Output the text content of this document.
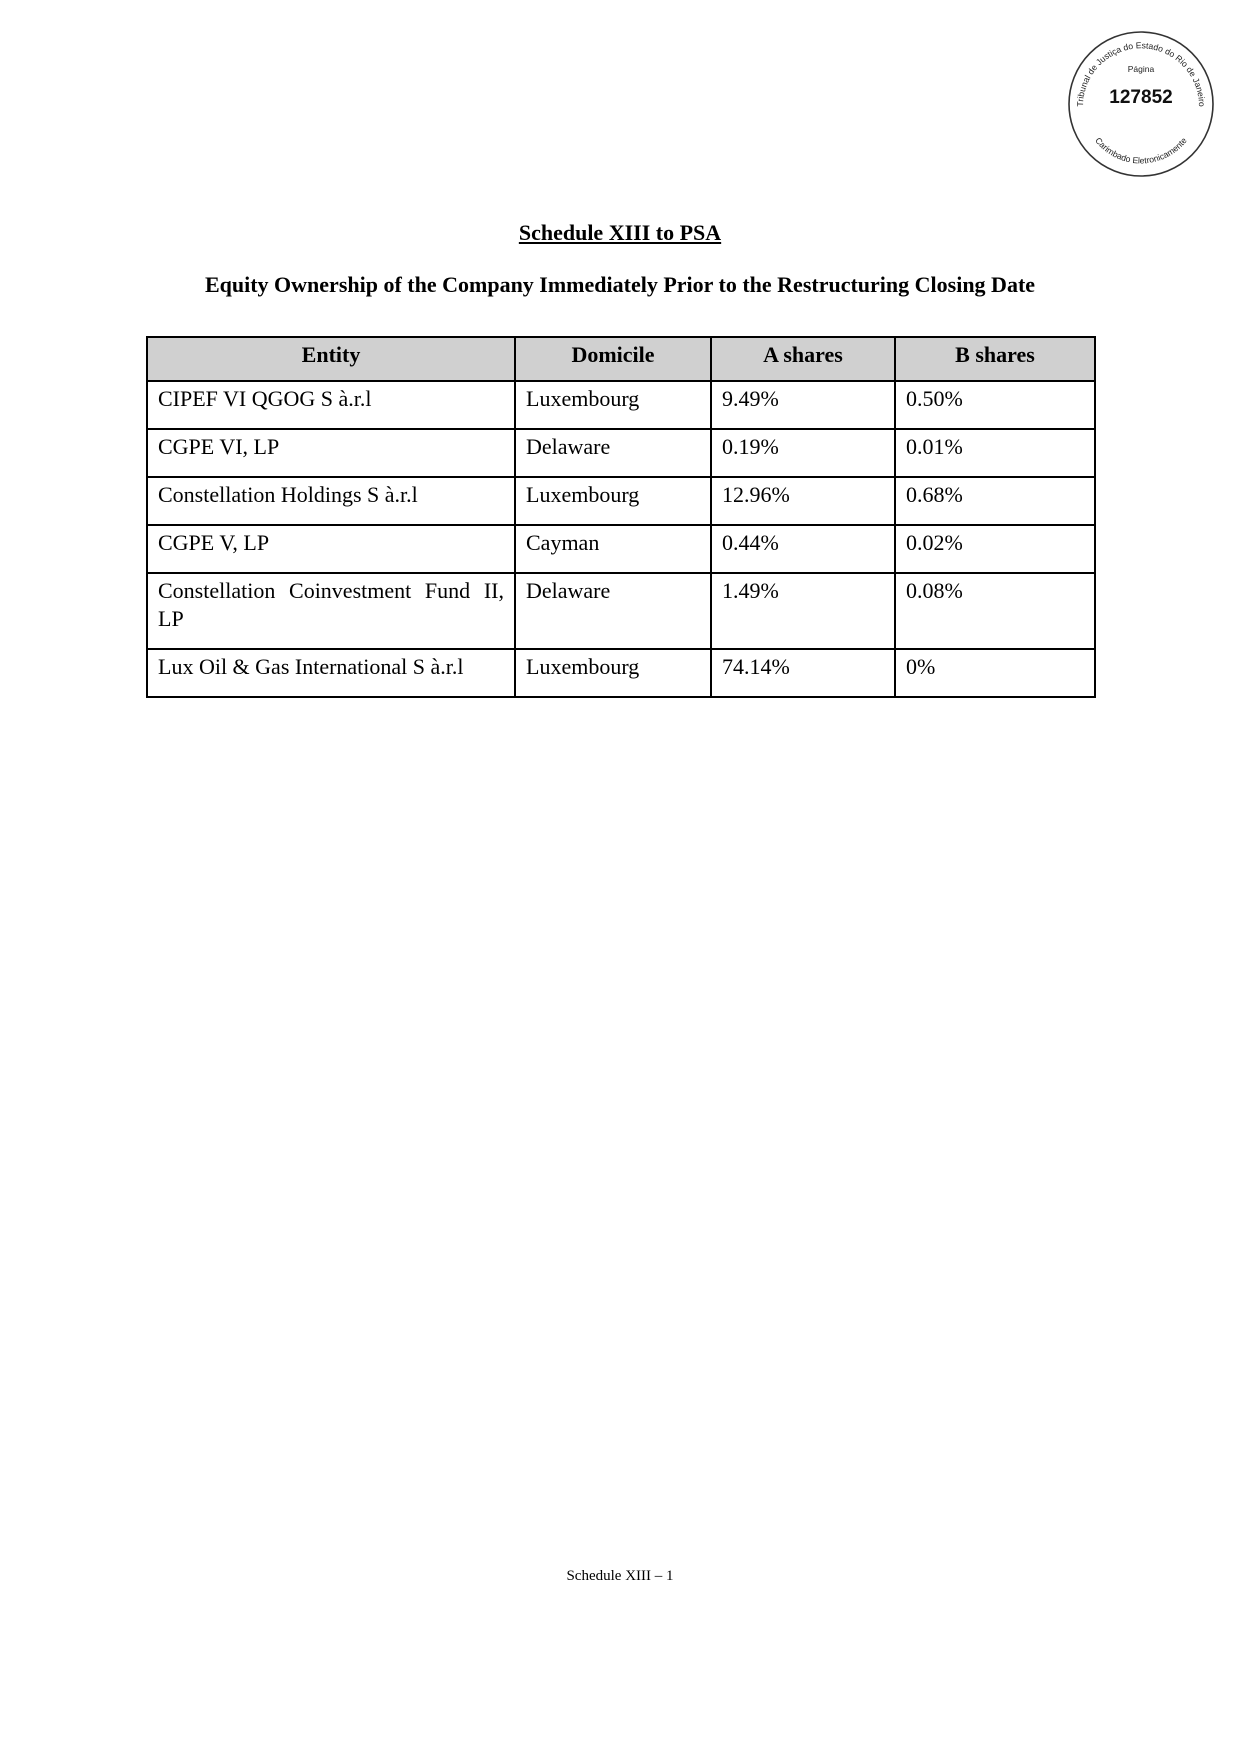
Tribunal de Justiça do Estado do Rio de Janeiro
Carimbado Eletronicamente
Página
127852
Schedule XIII to PSA
Equity Ownership of the Company Immediately Prior to the Restructuring Closing Date
Entity	Domicile	A shares	B shares
CIPEF VI QGOG S à.r.l	Luxembourg	9.49%	0.50%
CGPE VI, LP	Delaware	0.19%	0.01%
Constellation Holdings S à.r.l	Luxembourg	12.96%	0.68%
CGPE V, LP	Cayman	0.44%	0.02%
Constellation Coinvestment Fund II, LP	Delaware	1.49%	0.08%
Lux Oil & Gas International S à.r.l	Luxembourg	74.14%	0%

Schedule XIII – 1
